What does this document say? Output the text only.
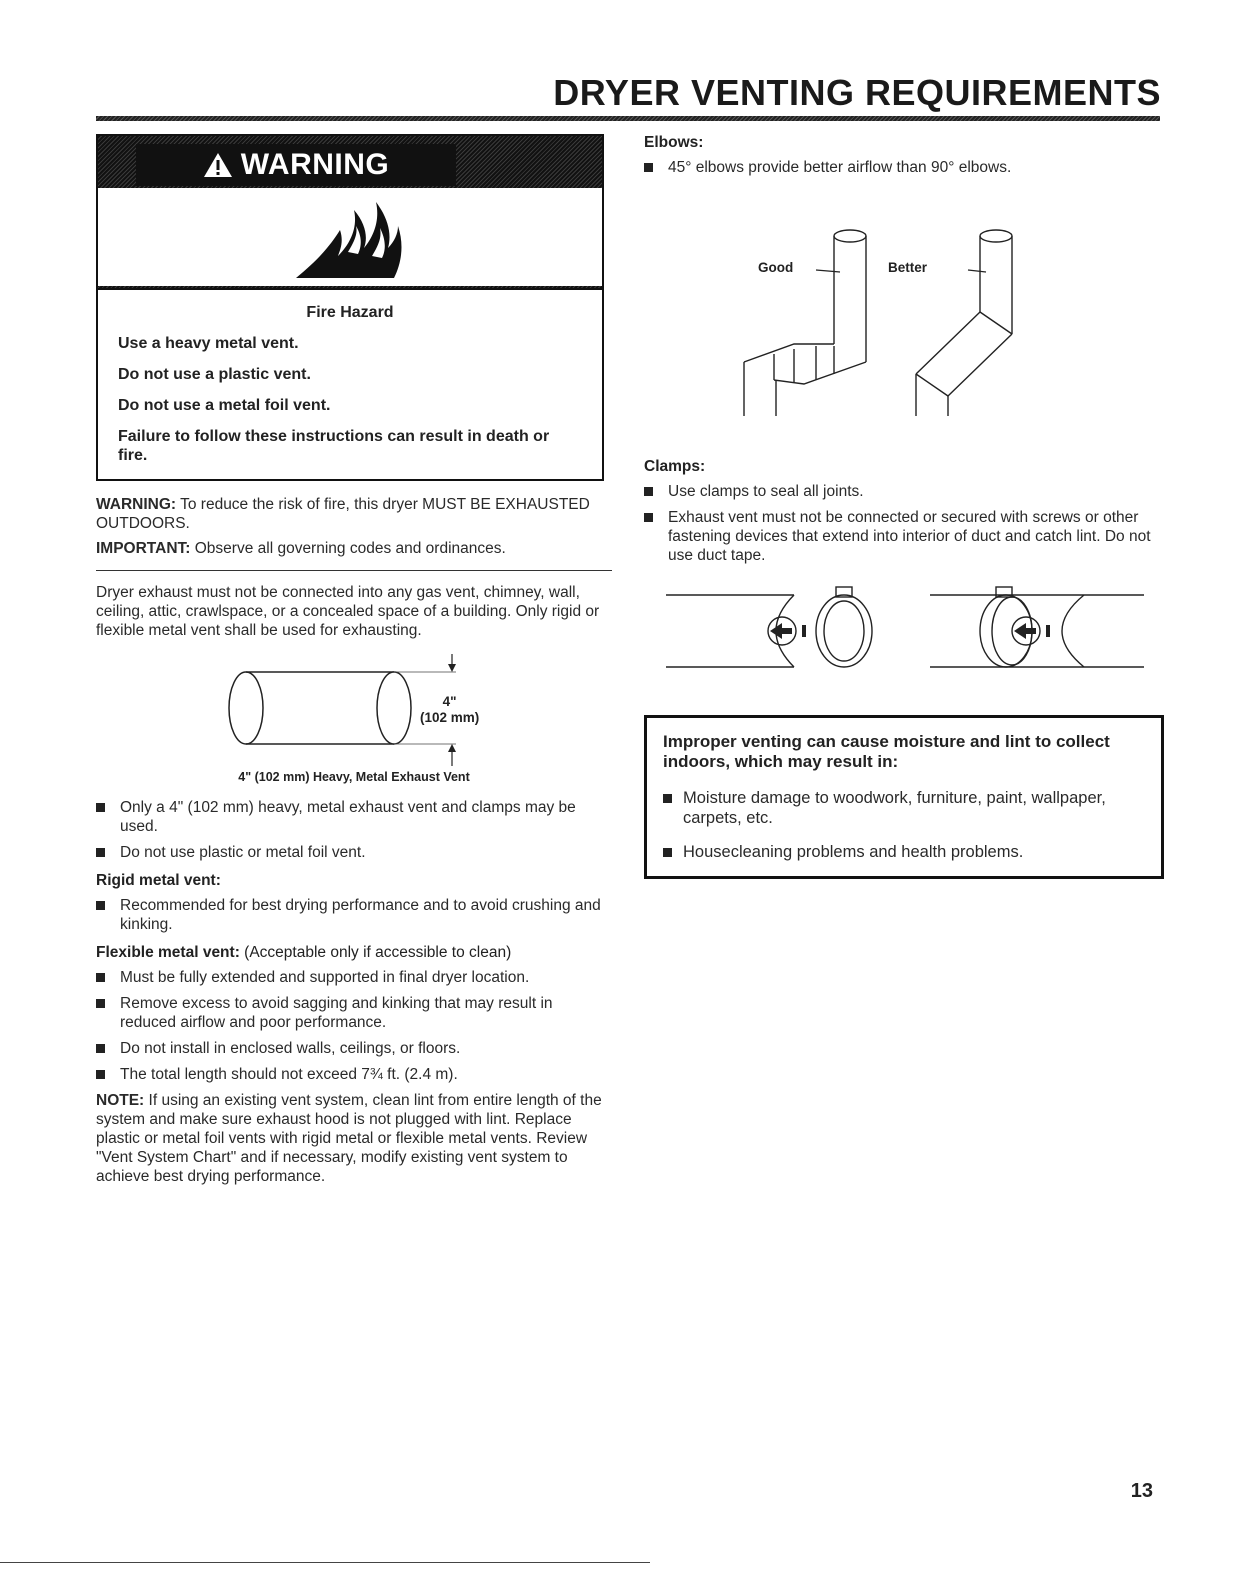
DRYER VENTING REQUIREMENTS
WARNING

Fire Hazard

Use a heavy metal vent.

Do not use a plastic vent.

Do not use a metal foil vent.

Failure to follow these instructions can result in death or fire.

WARNING: To reduce the risk of fire, this dryer MUST BE EXHAUSTED OUTDOORS.

IMPORTANT: Observe all governing codes and ordinances.

Dryer exhaust must not be connected into any gas vent, chimney, wall, ceiling, attic, crawlspace, or a concealed space of a building. Only rigid or flexible metal vent shall be used for exhausting.

4"
(102 mm)

4" (102 mm) Heavy, Metal Exhaust Vent

Only a 4" (102 mm) heavy, metal exhaust vent and clamps may be used.
Do not use plastic or metal foil vent.

Rigid metal vent:

Recommended for best drying performance and to avoid crushing and kinking.

Flexible metal vent: (Acceptable only if accessible to clean)

Must be fully extended and supported in final dryer location.
Remove excess to avoid sagging and kinking that may result in reduced airflow and poor performance.
Do not install in enclosed walls, ceilings, or floors.
The total length should not exceed 7¾ ft. (2.4 m).

NOTE: If using an existing vent system, clean lint from entire length of the system and make sure exhaust hood is not plugged with lint. Replace plastic or metal foil vents with rigid metal or flexible metal vents. Review "Vent System Chart" and if necessary, modify existing vent system to achieve best drying performance.

Elbows:

45° elbows provide better airflow than 90° elbows.
Good	Better

Clamps:

Use clamps to seal all joints.
Exhaust vent must not be connected or secured with screws or other fastening devices that extend into interior of duct and catch lint. Do not use duct tape.

Improper venting can cause moisture and lint to collect indoors, which may result in:

Moisture damage to woodwork, furniture, paint, wallpaper, carpets, etc.
Housecleaning problems and health problems.
13
